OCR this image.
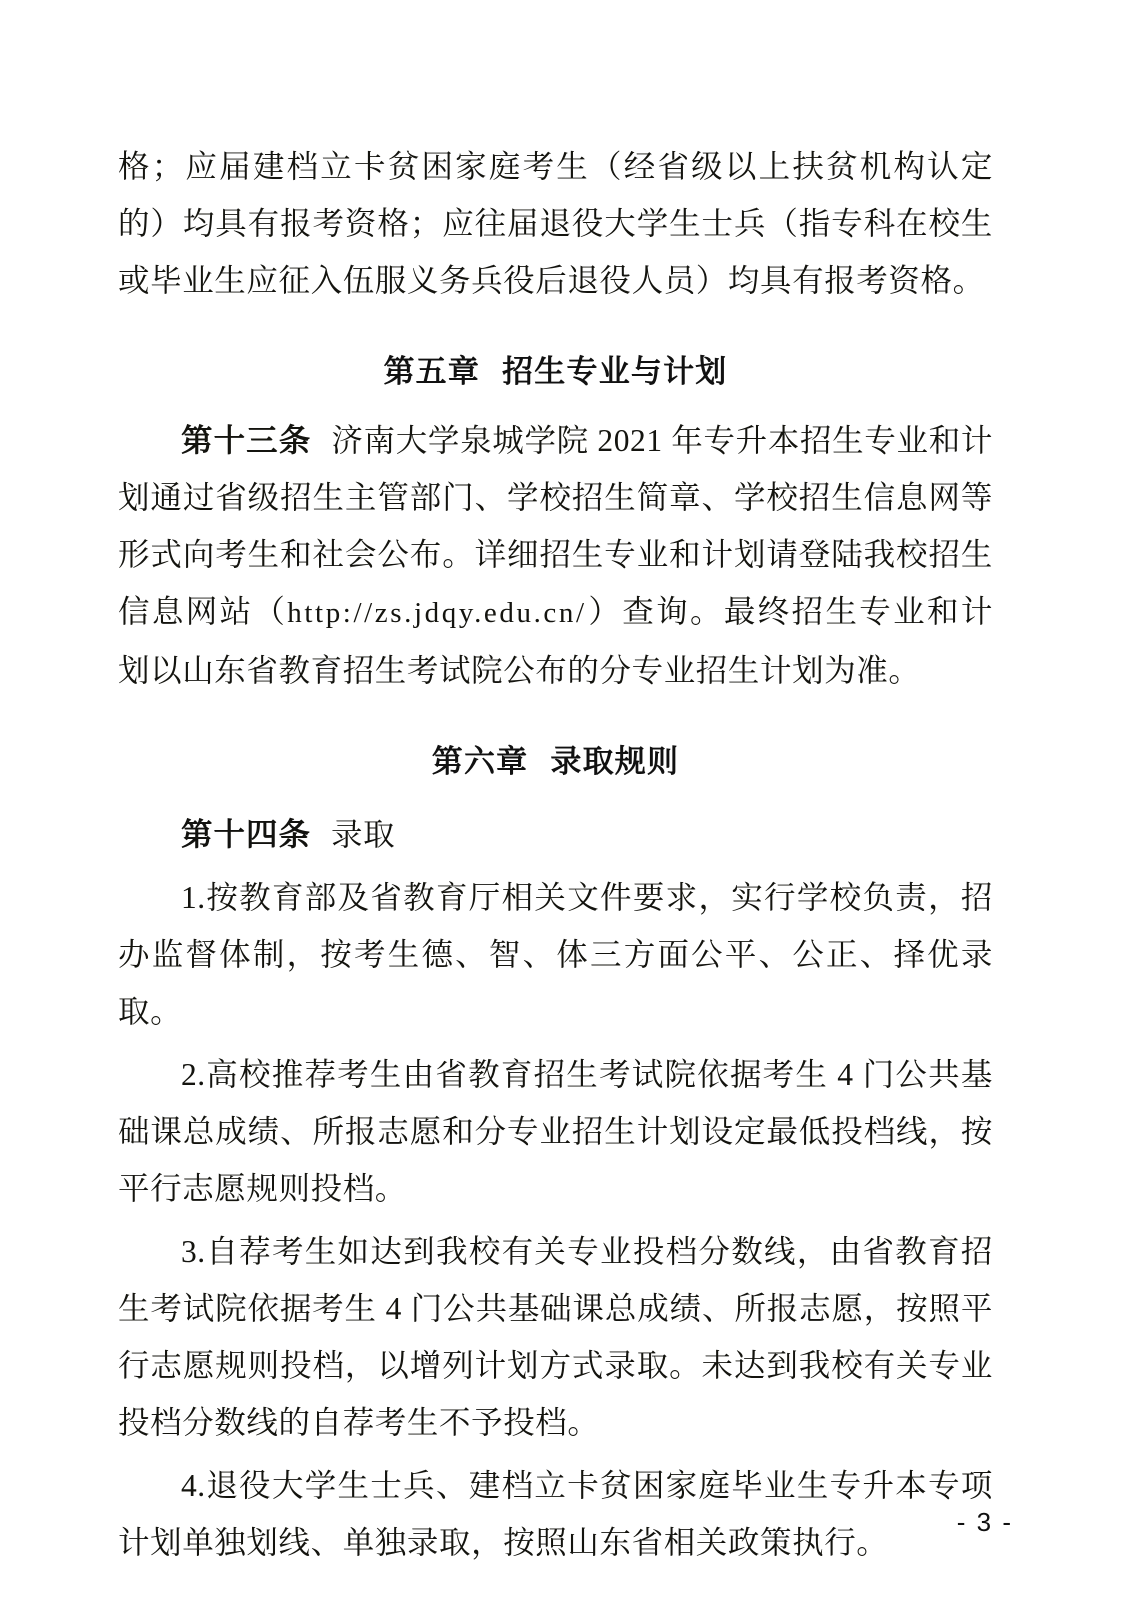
格；应届建档立卡贫困家庭考生（经省级以上扶贫机构认定的）均具有报考资格；应往届退役大学生士兵（指专科在校生或毕业生应征入伍服义务兵役后退役人员）均具有报考资格。

第五章 招生专业与计划

第十三条 济南大学泉城学院 2021 年专升本招生专业和计划通过省级招生主管部门、学校招生简章、学校招生信息网等形式向考生和社会公布。详细招生专业和计划请登陆我校招生信息网站（http://zs.jdqy.edu.cn/）查询。最终招生专业和计划以山东省教育招生考试院公布的分专业招生计划为准。

第六章 录取规则

第十四条 录取

1.按教育部及省教育厅相关文件要求，实行学校负责，招办监督体制，按考生德、智、体三方面公平、公正、择优录取。

2.高校推荐考生由省教育招生考试院依据考生 4 门公共基础课总成绩、所报志愿和分专业招生计划设定最低投档线，按平行志愿规则投档。

3.自荐考生如达到我校有关专业投档分数线，由省教育招生考试院依据考生 4 门公共基础课总成绩、所报志愿，按照平行志愿规则投档，以增列计划方式录取。未达到我校有关专业投档分数线的自荐考生不予投档。

4.退役大学生士兵、建档立卡贫困家庭毕业生专升本专项计划单独划线、单独录取，按照山东省相关政策执行。

- 3 -
